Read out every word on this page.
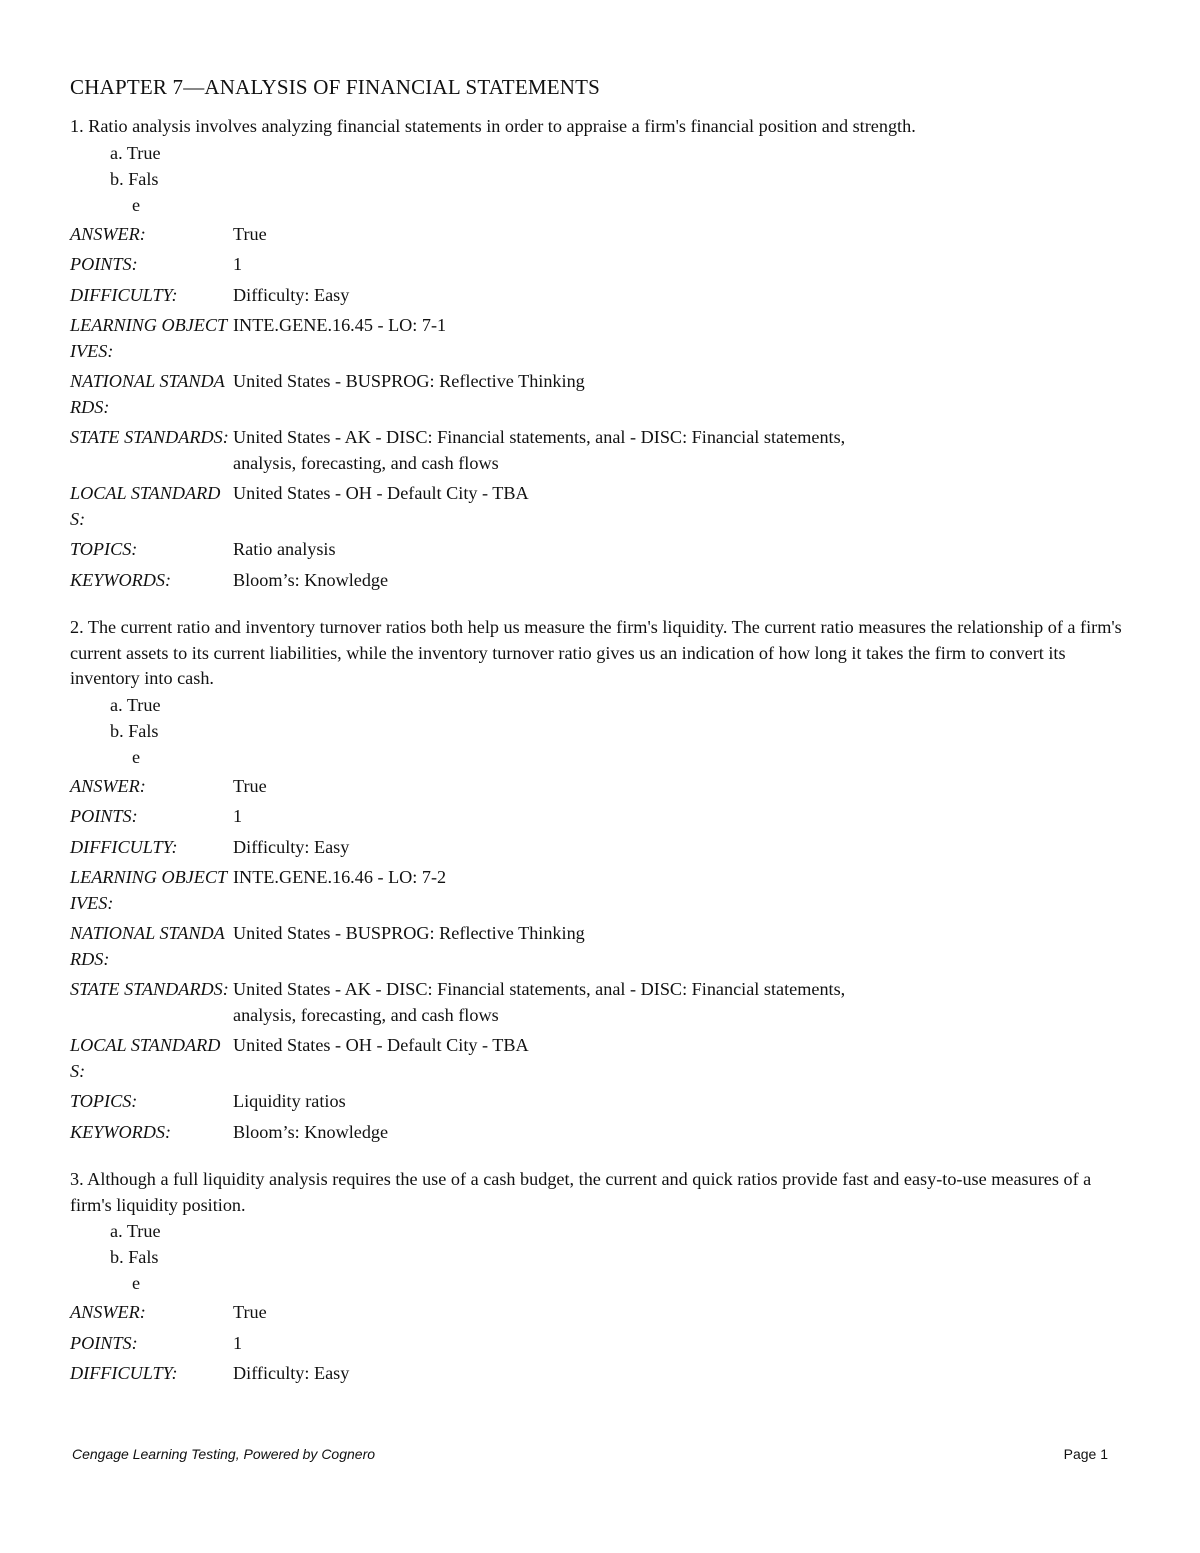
CHAPTER 7—ANALYSIS OF FINANCIAL STATEMENTS
1. Ratio analysis involves analyzing financial statements in order to appraise a firm's financial position and strength.
a. True
b. Fals
e
ANSWER:	True
POINTS:	1
DIFFICULTY:	Difficulty: Easy
LEARNING OBJECTIVES:
INTE.GENE.16.45 - LO: 7-1
NATIONAL STANDARDS:
United States - BUSPROG: Reflective Thinking
STATE STANDARDS: United States - AK - DISC: Financial statements, anal - DISC: Financial statements, analysis, forecasting, and cash flows
LOCAL STANDARDS:
United States - OH - Default City - TBA
TOPICS:	Ratio analysis
KEYWORDS:	Bloom’s: Knowledge
2. The current ratio and inventory turnover ratios both help us measure the firm's liquidity. The current ratio measures the relationship of a firm's current assets to its current liabilities, while the inventory turnover ratio gives us an indication of how long it takes the firm to convert its inventory into cash.
a. True
b. Fals
e
ANSWER:	True
POINTS:	1
DIFFICULTY:	Difficulty: Easy
LEARNING OBJECTIVES:
INTE.GENE.16.46 - LO: 7-2
NATIONAL STANDARDS:
United States - BUSPROG: Reflective Thinking
STATE STANDARDS: United States - AK - DISC: Financial statements, anal - DISC: Financial statements, analysis, forecasting, and cash flows
LOCAL STANDARDS:
United States - OH - Default City - TBA
TOPICS:	Liquidity ratios
KEYWORDS:	Bloom’s: Knowledge
3. Although a full liquidity analysis requires the use of a cash budget, the current and quick ratios provide fast and easy-to-use measures of a firm's liquidity position.
a. True
b. Fals
e
ANSWER:	True
POINTS:	1
DIFFICULTY:	Difficulty: Easy
Cengage Learning Testing, Powered by Cognero	Page 1
